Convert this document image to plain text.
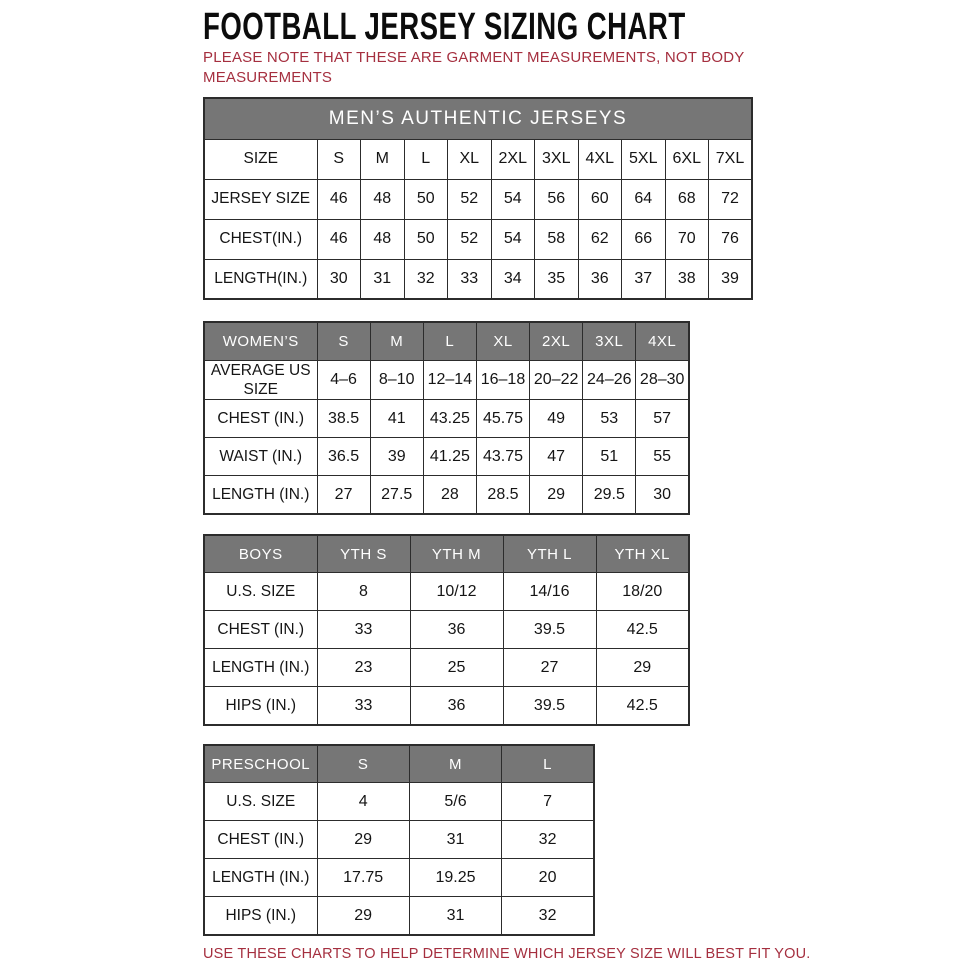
FOOTBALL JERSEY SIZING CHART

PLEASE NOTE THAT THESE ARE GARMENT MEASUREMENTS, NOT BODY MEASUREMENTS

MEN’S AUTHENTIC JERSEYS										
SIZE	S	M	L	XL	2XL	3XL	4XL	5XL	6XL	7XL
JERSEY SIZE	46	48	50	52	54	56	60	64	68	72
CHEST(IN.)	46	48	50	52	54	58	62	66	70	76
LENGTH(IN.)	30	31	32	33	34	35	36	37	38	39
WOMEN’S	S	M	L	XL	2XL	3XL	4XL
AVERAGE US SIZE	4–6	8–10	12–14	16–18	20–22	24–26	28–30
CHEST (IN.)	38.5	41	43.25	45.75	49	53	57
WAIST (IN.)	36.5	39	41.25	43.75	47	51	55
LENGTH (IN.)	27	27.5	28	28.5	29	29.5	30
BOYS	YTH S	YTH M	YTH L	YTH XL
U.S. SIZE	8	10/12	14/16	18/20
CHEST (IN.)	33	36	39.5	42.5
LENGTH (IN.)	23	25	27	29
HIPS (IN.)	33	36	39.5	42.5
PRESCHOOL	S	M	L
U.S. SIZE	4	5/6	7
CHEST (IN.)	29	31	32
LENGTH (IN.)	17.75	19.25	20
HIPS (IN.)	29	31	32

USE THESE CHARTS TO HELP DETERMINE WHICH JERSEY SIZE WILL BEST FIT YOU.
